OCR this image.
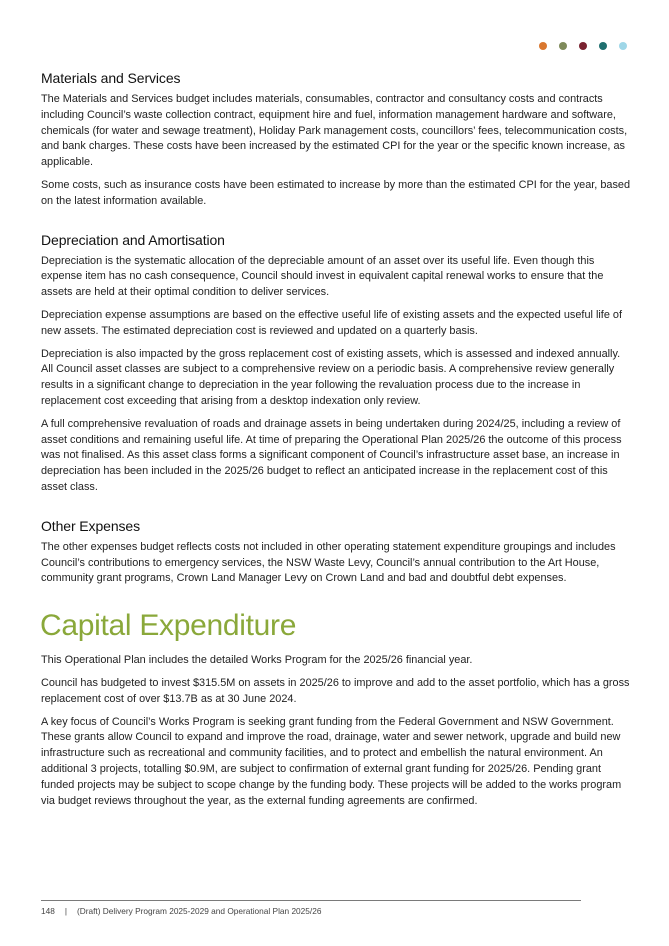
Materials and Services

The Materials and Services budget includes materials, consumables, contractor and consultancy costs and contracts including Council’s waste collection contract, equipment hire and fuel, information management hardware and software, chemicals (for water and sewage treatment), Holiday Park management costs, councillors’ fees, telecommunication costs, and bank charges. These costs have been increased by the estimated CPI for the year or the specific known increase, as applicable.

Some costs, such as insurance costs have been estimated to increase by more than the estimated CPI for the year, based on the latest information available.

Depreciation and Amortisation

Depreciation is the systematic allocation of the depreciable amount of an asset over its useful life. Even though this expense item has no cash consequence, Council should invest in equivalent capital renewal works to ensure that the assets are held at their optimal condition to deliver services.

Depreciation expense assumptions are based on the effective useful life of existing assets and the expected useful life of new assets. The estimated depreciation cost is reviewed and updated on a quarterly basis.

Depreciation is also impacted by the gross replacement cost of existing assets, which is assessed and indexed annually. All Council asset classes are subject to a comprehensive review on a periodic basis. A comprehensive review generally results in a significant change to depreciation in the year following the revaluation process due to the increase in replacement cost exceeding that arising from a desktop indexation only review.

A full comprehensive revaluation of roads and drainage assets in being undertaken during 2024/25, including a review of asset conditions and remaining useful life. At time of preparing the Operational Plan 2025/26 the outcome of this process was not finalised. As this asset class forms a significant component of Council’s infrastructure asset base, an increase in depreciation has been included in the 2025/26 budget to reflect an anticipated increase in the replacement cost of this asset class.

Other Expenses

The other expenses budget reflects costs not included in other operating statement expenditure groupings and includes Council’s contributions to emergency services, the NSW Waste Levy, Council’s annual contribution to the Art House, community grant programs, Crown Land Manager Levy on Crown Land and bad and doubtful debt expenses.

Capital Expenditure

This Operational Plan includes the detailed Works Program for the 2025/26 financial year.

Council has budgeted to invest $315.5M on assets in 2025/26 to improve and add to the asset portfolio, which has a gross replacement cost of over $13.7B as at 30 June 2024.

A key focus of Council’s Works Program is seeking grant funding from the Federal Government and NSW Government. These grants allow Council to expand and improve the road, drainage, water and sewer network, upgrade and build new infrastructure such as recreational and community facilities, and to protect and embellish the natural environment. An additional 3 projects, totalling $0.9M, are subject to confirmation of external grant funding for 2025/26. Pending grant funded projects may be subject to scope change by the funding body. These projects will be added to the works program via budget reviews throughout the year, as the external funding agreements are confirmed.

148 | (Draft) Delivery Program 2025-2029 and Operational Plan 2025/26
